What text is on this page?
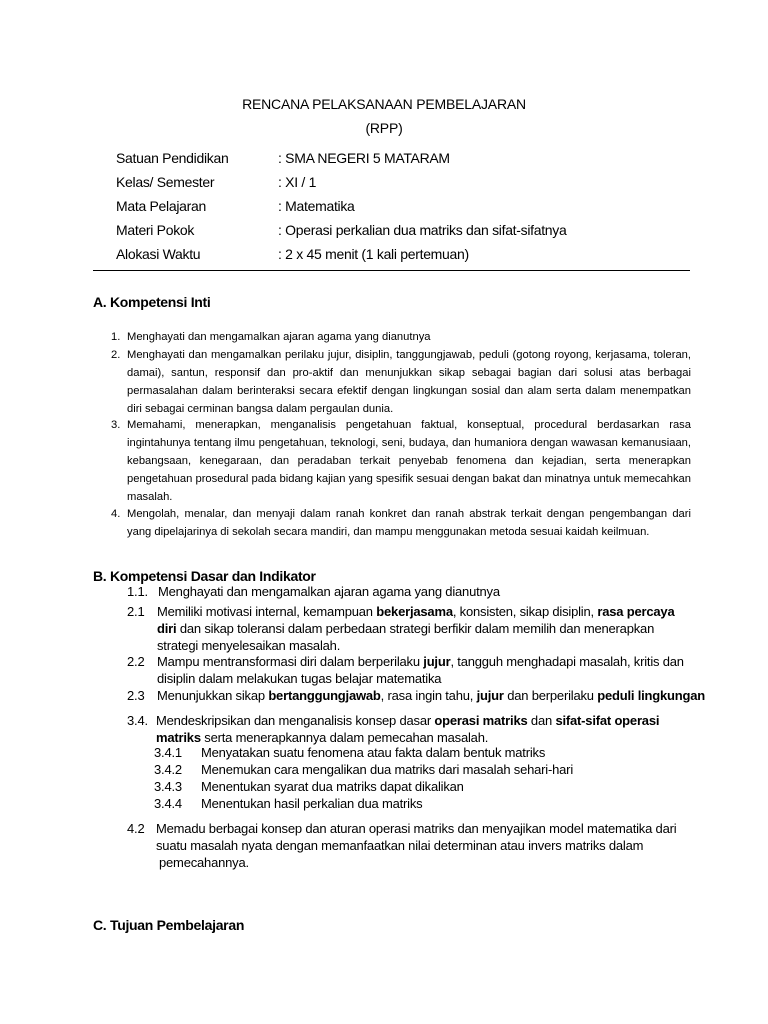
RENCANA PELAKSANAAN PEMBELAJARAN
(RPP)
Satuan Pendidikan	: SMA NEGERI 5 MATARAM
Kelas/ Semester	: XI / 1
Mata Pelajaran	: Matematika
Materi Pokok	: Operasi perkalian dua matriks dan sifat-sifatnya
Alokasi Waktu	: 2 x 45 menit (1 kali pertemuan)
A. Kompetensi Inti
1. Menghayati dan mengamalkan ajaran agama yang dianutnya
2. Menghayati dan mengamalkan perilaku jujur, disiplin, tanggungjawab, peduli (gotong royong, kerjasama, toleran, damai), santun, responsif dan pro-aktif dan menunjukkan sikap sebagai bagian dari solusi atas berbagai permasalahan dalam berinteraksi secara efektif dengan lingkungan sosial dan alam serta dalam menempatkan diri sebagai cerminan bangsa dalam pergaulan dunia.
3. Memahami, menerapkan, menganalisis pengetahuan faktual, konseptual, procedural berdasarkan rasa ingintahunya tentang ilmu pengetahuan, teknologi, seni, budaya, dan humaniora dengan wawasan kemanusiaan, kebangsaan, kenegaraan, dan peradaban terkait penyebab fenomena dan kejadian, serta menerapkan pengetahuan prosedural pada bidang kajian yang spesifik sesuai dengan bakat dan minatnya untuk memecahkan masalah.
4. Mengolah, menalar, dan menyaji dalam ranah konkret dan ranah abstrak terkait dengan pengembangan dari yang dipelajarinya di sekolah secara mandiri, dan mampu menggunakan metoda sesuai kaidah keilmuan.
B. Kompetensi Dasar dan Indikator
1.1. Menghayati dan mengamalkan ajaran agama yang dianutnya
2.1 Memiliki motivasi internal, kemampuan bekerjasama, konsisten, sikap disiplin, rasa percaya diri dan sikap toleransi dalam perbedaan strategi berfikir dalam memilih dan menerapkan strategi menyelesaikan masalah.
2.2 Mampu mentransformasi diri dalam berperilaku jujur, tangguh menghadapi masalah, kritis dan disiplin dalam melakukan tugas belajar matematika
2.3 Menunjukkan sikap bertanggungjawab, rasa ingin tahu, jujur dan berperilaku peduli lingkungan
3.4. Mendeskripsikan dan menganalisis konsep dasar operasi matriks dan sifat-sifat operasi matriks serta menerapkannya dalam pemecahan masalah.
3.4.1 Menyatakan suatu fenomena atau fakta dalam bentuk matriks
3.4.2 Menemukan cara mengalikan dua matriks dari masalah sehari-hari
3.4.3 Menentukan syarat dua matriks dapat dikalikan
3.4.4 Menentukan hasil perkalian dua matriks
4.2 Memadu berbagai konsep dan aturan operasi matriks dan menyajikan model matematika dari
suatu masalah nyata dengan memanfaatkan nilai determinan atau invers matriks dalam
pemecahannya.
C. Tujuan Pembelajaran
